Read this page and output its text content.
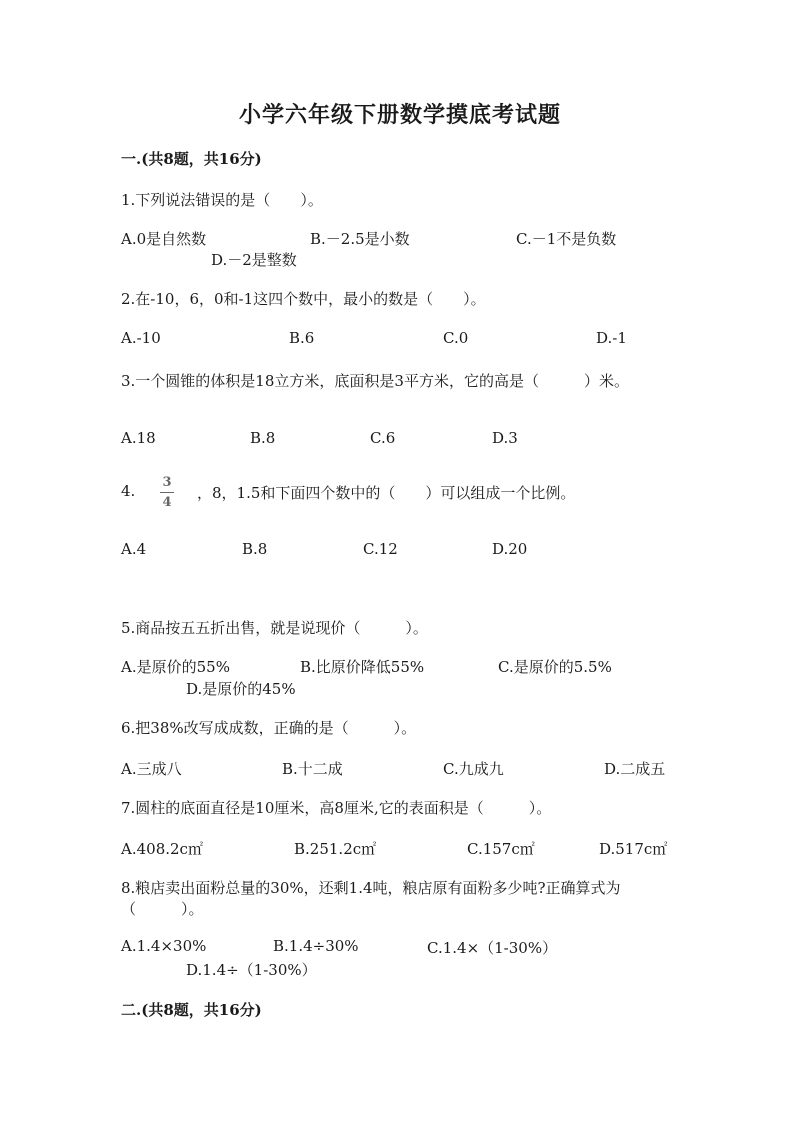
小学六年级下册数学摸底考试题
一.(共8题，共16分)
1.下列说法错误的是（　　）。
A.0是自然数	B.－2.5是小数	C.－1不是负数
D.－2是整数
2.在-10，6，0和-1这四个数中，最小的数是（　　）。
A.-10	B.6	C.0	D.-1
3.一个圆锥的体积是18立方米，底面积是3平方米，它的高是（　　　）米。
A.18	B.8	C.6	D.3
4. 3
4
，8，1.5和下面四个数中的（　　）可以组成一个比例。
A.4	B.8	C.12	D.20
5.商品按五五折出售，就是说现价（　　　）。
A.是原价的55%	B.比原价降低55%	C.是原价的5.5%
D.是原价的45%
6.把38%改写成成数，正确的是（　　　）。
A.三成八	B.十二成	C.九成九	D.二成五
7.圆柱的底面直径是10厘米，高8厘米,它的表面积是（　　　）。
A.408.2c㎡	B.251.2c㎡	C.157c㎡	D.517c㎡
8.粮店卖出面粉总量的30%，还剩1.4吨，粮店原有面粉多少吨?正确算式为
（　　　）。
A.1.4×30%	B.1.4÷30%	C.1.4×（1-30%）
D.1.4÷（1-30%）
二.(共8题，共16分)
